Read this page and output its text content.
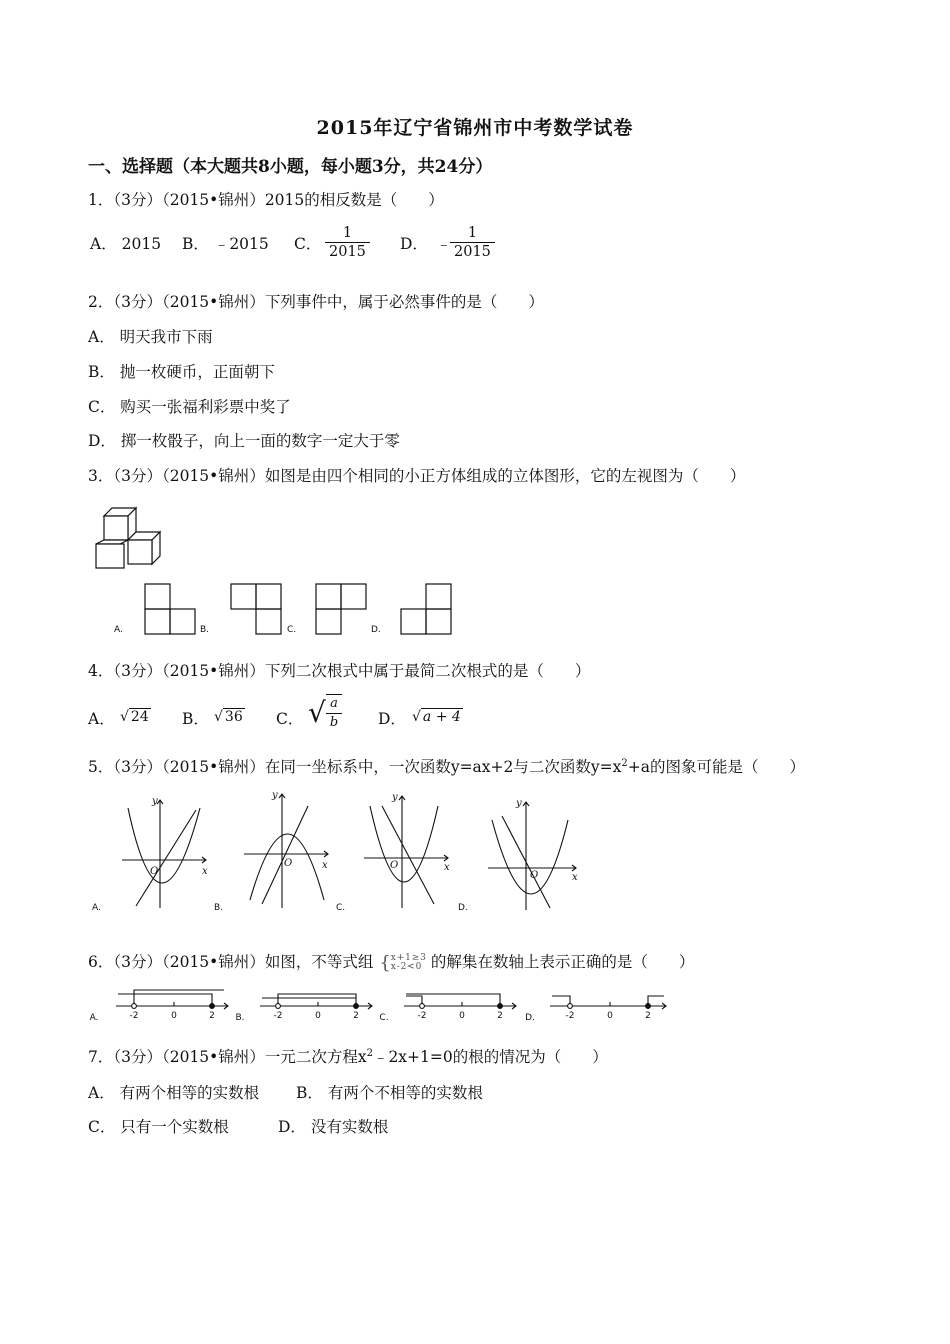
2015年辽宁省锦州市中考数学试卷
一、选择题（本大题共8小题，每小题3分，共24分）
1．（3分）（2015•锦州）2015的相反数是（　　）
A． 2015 B． ﹣2015 C． $\frac{1}{2015}$ D． ﹣
$\frac{1}{2015}$
2．（3分）（2015•锦州）下列事件中，属于必然事件的是（　　）
A． 明天我市下雨
B． 抛一枚硬币，正面朝下
C． 购买一张福利彩票中奖了
D． 掷一枚骰子，向上一面的数字一定大于零
3．（3分）（2015•锦州）如图是由四个相同的小正方体组成的立体图形，它的左视图为（　　）
A.	B.	C.	D.
4．（3分）（2015•锦州）下列二次根式中属于最简二次根式的是（　　）
A． √ 24 B． √ 36 C． √ $\frac{a}{b}$ D． √ a + 4
5．（3分）（2015•锦州）在同一坐标系中，一次函数y=ax+2与二次函数$y=x^2+a$的图象可能是（　　）
y
x
O
y
x
O
y
x
O
y
x
O
A.	B.	C.	D.
6．（3分）（2015•锦州）如图，不等式组 { x + 1 ≥ 3
x - 2 < 0 的解集在数轴上表示正确的是（　　）
A.	-2	0	2 B.	-2	0	2 C.	-2	0	2 D.	-2	0	2
7．（3分）（2015•锦州）一元二次方程$x^2﹣2x+1=0$的根的情况为（　　）
A． 有两个相等的实数根 B． 有两个不相等的实数根
C． 只有一个实数根	D． 没有实数根
